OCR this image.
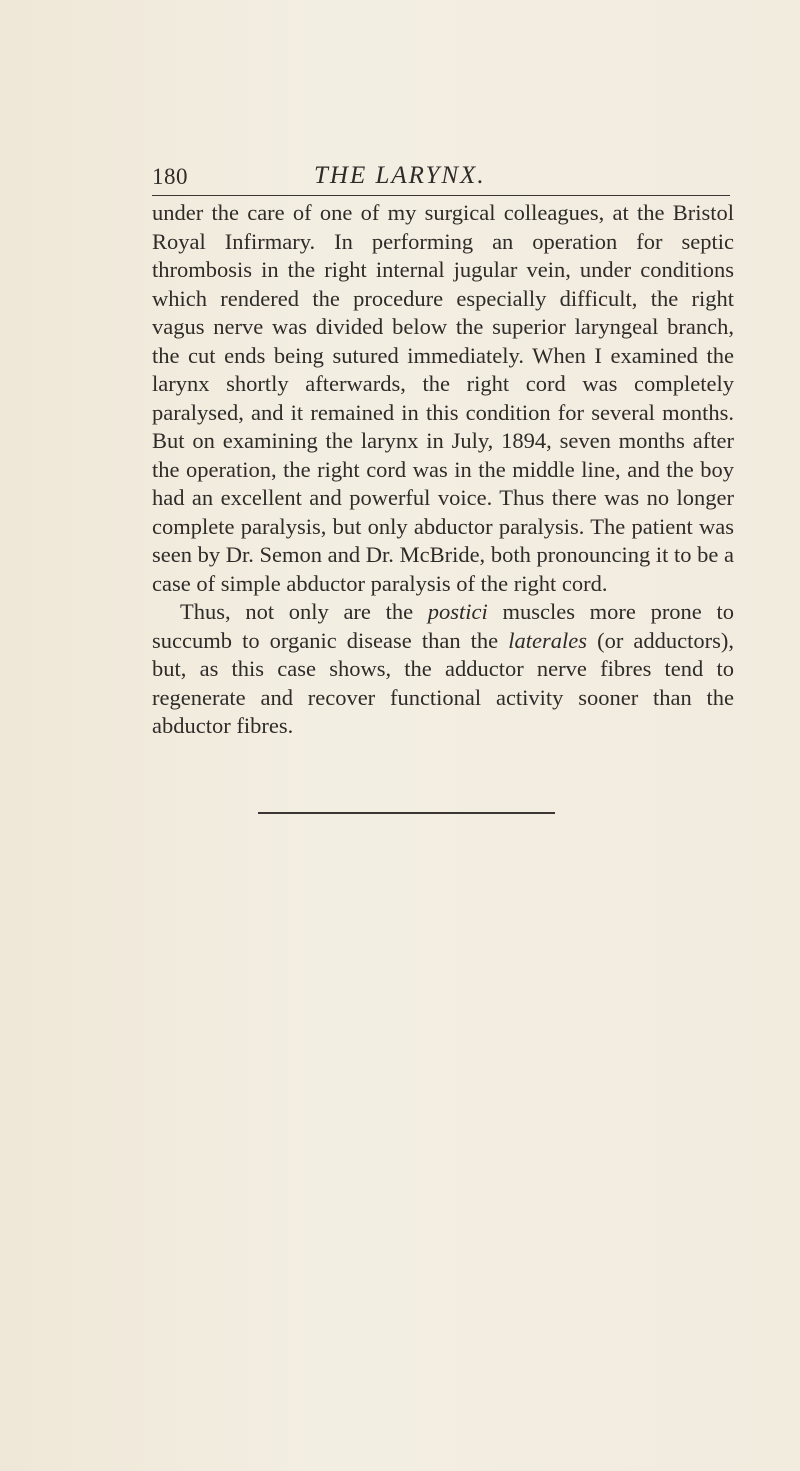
180	THE LARYNX.

under the care of one of my surgical colleagues, at the Bristol Royal Infirmary. In performing an operation for septic thrombosis in the right internal jugular vein, under conditions which rendered the procedure especially difficult, the right vagus nerve was divided below the superior laryngeal branch, the cut ends being sutured immediately. When I examined the larynx shortly afterwards, the right cord was completely paralysed, and it remained in this condition for several months. But on examining the larynx in July, 1894, seven months after the operation, the right cord was in the middle line, and the boy had an excellent and powerful voice. Thus there was no longer complete paralysis, but only abductor paralysis. The patient was seen by Dr. Semon and Dr. McBride, both pronouncing it to be a case of simple abductor paralysis of the right cord.

Thus, not only are the postici muscles more prone to succumb to organic disease than the laterales (or adductors), but, as this case shows, the adductor nerve fibres tend to regenerate and recover functional activity sooner than the abductor fibres.
